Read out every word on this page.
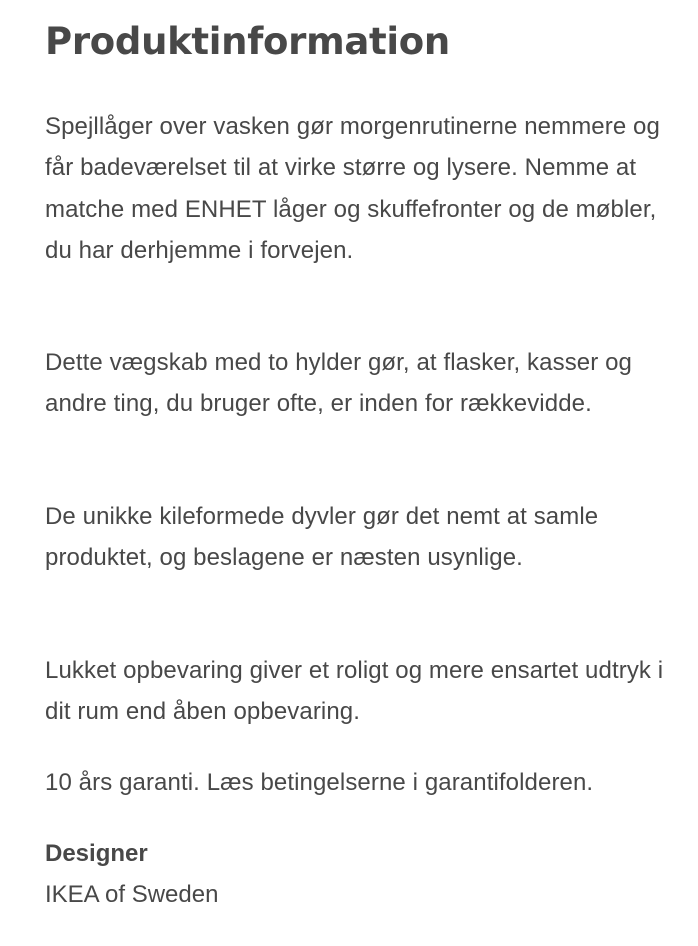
Produktinformation

Spejllåger over vasken gør morgenrutinerne nemmere og får badeværelset til at virke større og lysere. Nemme at matche med ENHET låger og skuffefronter og de møbler, du har derhjemme i forvejen.

Dette vægskab med to hylder gør, at flasker, kasser og andre ting, du bruger ofte, er inden for rækkevidde.

De unikke kileformede dyvler gør det nemt at samle produktet, og beslagene er næsten usynlige.

Lukket opbevaring giver et roligt og mere ensartet udtryk i dit rum end åben opbevaring.

10 års garanti. Læs betingelserne i garantifolderen.

Designer
IKEA of Sweden
